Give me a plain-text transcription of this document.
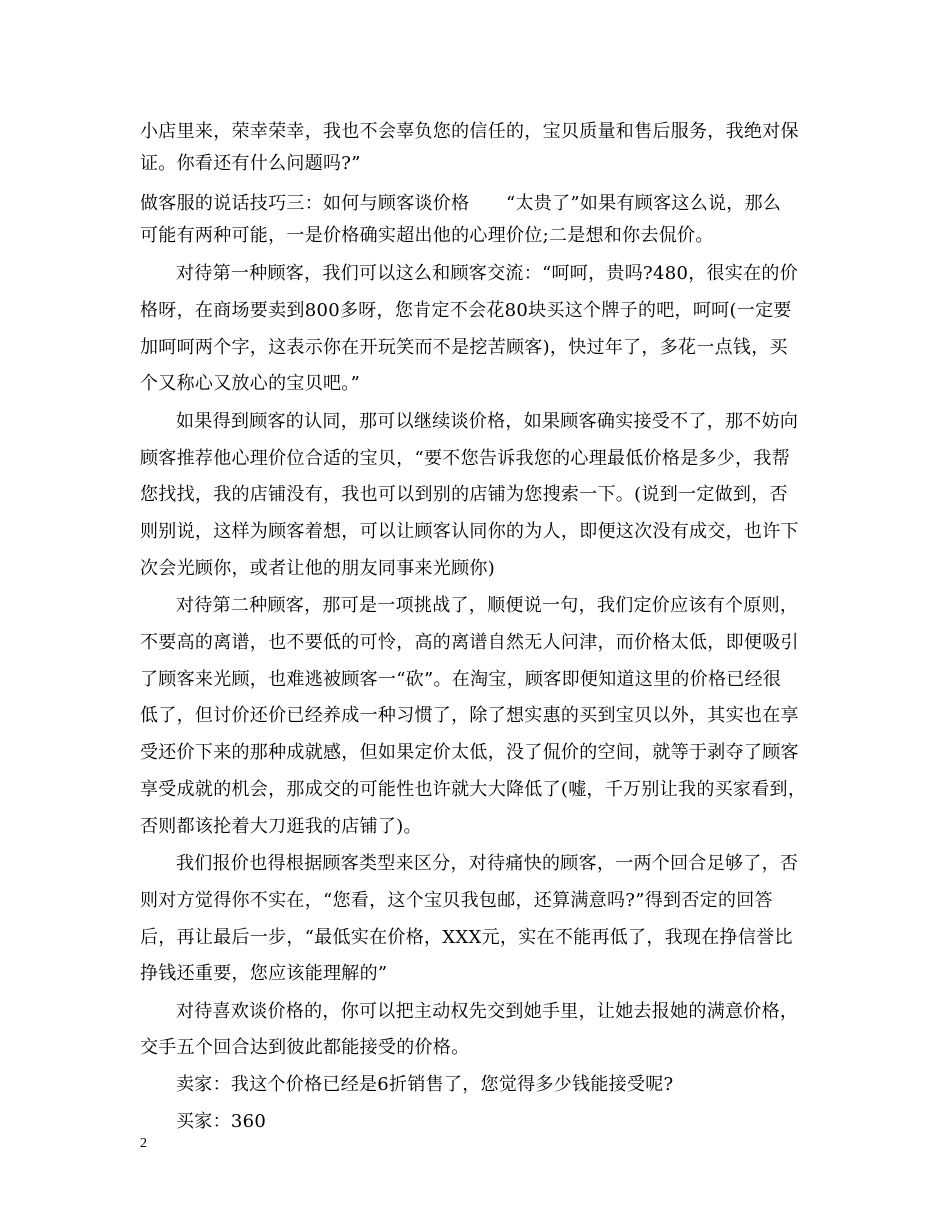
小店里来，荣幸荣幸，我也不会辜负您的信任的，宝贝质量和售后服务，我绝对保
证。你看还有什么问题吗?”
做客服的说话技巧三：如何与顾客谈价格　　“太贵了”如果有顾客这么说，那么
可能有两种可能，一是价格确实超出他的心理价位;二是想和你去侃价。
对待第一种顾客，我们可以这么和顾客交流：“呵呵，贵吗?480，很实在的价
格呀，在商场要卖到800多呀，您肯定不会花80块买这个牌子的吧，呵呵(一定要
加呵呵两个字，这表示你在开玩笑而不是挖苦顾客)，快过年了，多花一点钱，买
个又称心又放心的宝贝吧。”
如果得到顾客的认同，那可以继续谈价格，如果顾客确实接受不了，那不妨向
顾客推荐他心理价位合适的宝贝，“要不您告诉我您的心理最低价格是多少，我帮
您找找，我的店铺没有，我也可以到别的店铺为您搜索一下。(说到一定做到，否
则别说，这样为顾客着想，可以让顾客认同你的为人，即便这次没有成交，也许下
次会光顾你，或者让他的朋友同事来光顾你)
对待第二种顾客，那可是一项挑战了，顺便说一句，我们定价应该有个原则，
不要高的离谱，也不要低的可怜，高的离谱自然无人问津，而价格太低，即便吸引
了顾客来光顾，也难逃被顾客一“砍”。在淘宝，顾客即便知道这里的价格已经很
低了，但讨价还价已经养成一种习惯了，除了想实惠的买到宝贝以外，其实也在享
受还价下来的那种成就感，但如果定价太低，没了侃价的空间，就等于剥夺了顾客
享受成就的机会，那成交的可能性也许就大大降低了(嘘，千万别让我的买家看到，
否则都该抡着大刀逛我的店铺了)。
我们报价也得根据顾客类型来区分，对待痛快的顾客，一两个回合足够了，否
则对方觉得你不实在，“您看，这个宝贝我包邮，还算满意吗?”得到否定的回答
后，再让最后一步，“最低实在价格，XXX元，实在不能再低了，我现在挣信誉比
挣钱还重要，您应该能理解的”
对待喜欢谈价格的，你可以把主动权先交到她手里，让她去报她的满意价格，
交手五个回合达到彼此都能接受的价格。
卖家：我这个价格已经是6折销售了，您觉得多少钱能接受呢?
买家：360
2
